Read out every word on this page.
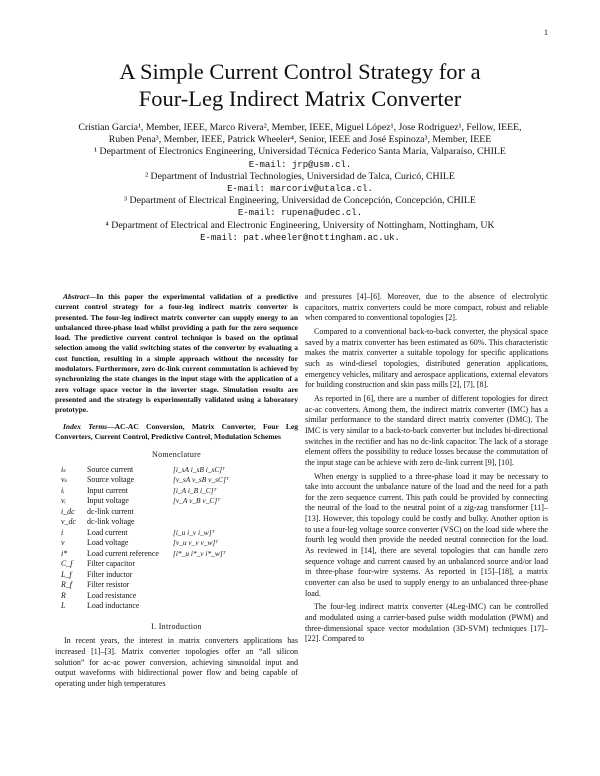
1
A Simple Current Control Strategy for a
Four-Leg Indirect Matrix Converter
Cristian García¹, Member, IEEE, Marco Rivera², Member, IEEE, Miguel López¹, Jose Rodriguez¹, Fellow, IEEE,
Ruben Pena³, Member, IEEE, Patrick Wheeler⁴, Senior, IEEE and José Espinoza³, Member, IEEE
¹ Department of Electronics Engineering, Universidad Técnica Federico Santa María, Valparaíso, CHILE
E-mail: jrp@usm.cl.
² Department of Industrial Technologies, Universidad de Talca, Curicó, CHILE
E-mail: marcoriv@utalca.cl.
³ Department of Electrical Engineering, Universidad de Concepción, Concepción, CHILE
E-mail: rupena@udec.cl.
⁴ Department of Electrical and Electronic Engineering, University of Nottingham, Nottingham, UK
E-mail: pat.wheeler@nottingham.ac.uk.

Abstract—In this paper the experimental validation of a predictive current control strategy for a four-leg indirect matrix converter is presented. The four-leg indirect matrix converter can supply energy to an unbalanced three-phase load whilst providing a path for the zero sequence load. The predictive current control technique is based on the optimal selection among the valid switching states of the converter by evaluating a cost function, resulting in a simple approach without the necessity for modulators. Furthermore, zero dc-link current commutation is achieved by synchronizing the state changes in the input stage with the application of a zero voltage space vector in the inverter stage. Simulation results are presented and the strategy is experimentally validated using a laboratory prototype.

Index Terms—AC-AC Conversion, Matrix Converter, Four Leg Converters, Current Control, Predictive Control, Modulation Schemes

Nomenclature
iₛ	Source current	[i_sA i_sB i_sC]ᵀ
vₛ	Source voltage	[v_sA v_sB v_sC]ᵀ
iᵢ	Input current	[i_A i_B i_C]ᵀ
vᵢ	Input voltage	[v_A v_B v_C]ᵀ
i_dc	dc-link current	
v_dc	dc-link voltage	
i	Load current	[i_u i_v i_w]ᵀ
v	Load voltage	[v_u v_v v_w]ᵀ
i*	Load current reference	[i*_u i*_v i*_w]ᵀ
C_f	Filter capacitor	
L_f	Filter inductor	
R_f	Filter resistor	
R	Load resistance	
L	Load inductance	
I. Introduction

In recent years, the interest in matrix converters applications has increased [1]–[3]. Matrix converter topologies offer an “all silicon solution” for ac-ac power conversion, achieving sinusoidal input and output waveforms with bidirectional power flow and being capable of operating under high temperatures

and pressures [4]–[6]. Moreover, due to the absence of electrolytic capacitors, matrix converters could be more compact, robust and reliable when compared to conventional topologies [2].

Compared to a conventional back-to-back converter, the physical space saved by a matrix converter has been estimated as 60%. This characteristic makes the matrix converter a suitable topology for specific applications such as wind-diesel topologies, distributed generation applications, emergency vehicles, military and aerospace applications, external elevators for building construction and skin pass mills [2], [7], [8].

As reported in [6], there are a number of different topologies for direct ac-ac converters. Among them, the indirect matrix converter (IMC) has a similar performance to the standard direct matrix converter (DMC). The IMC is very similar to a back-to-back converter but includes bi-directional switches in the rectifier and has no dc-link capacitor. The lack of a storage element offers the possibility to reduce losses because the commutation of the input stage can be achieve with zero dc-link current [9], [10].

When energy is supplied to a three-phase load it may be necessary to take into account the unbalance nature of the load and the need for a path for the zero sequence current. This path could be provided by connecting the neutral of the load to the neutral point of a zig-zag transformer [11]–[13]. However, this topology could be costly and bulky. Another option is to use a four-leg voltage source converter (VSC) on the load side where the fourth leg would then provide the needed neutral connection for the load. As reviewed in [14], there are several topologies that can handle zero sequence voltage and current caused by an unbalanced source and/or load in three-phase four-wire systems. As reported in [15]–[18], a matrix converter can also be used to supply energy to an unbalanced three-phase load.

The four-leg indirect matrix converter (4Leg-IMC) can be controlled and modulated using a carrier-based pulse width modulation (PWM) and three-dimensional space vector modulation (3D-SVM) techniques [17]–[22]. Compared to
